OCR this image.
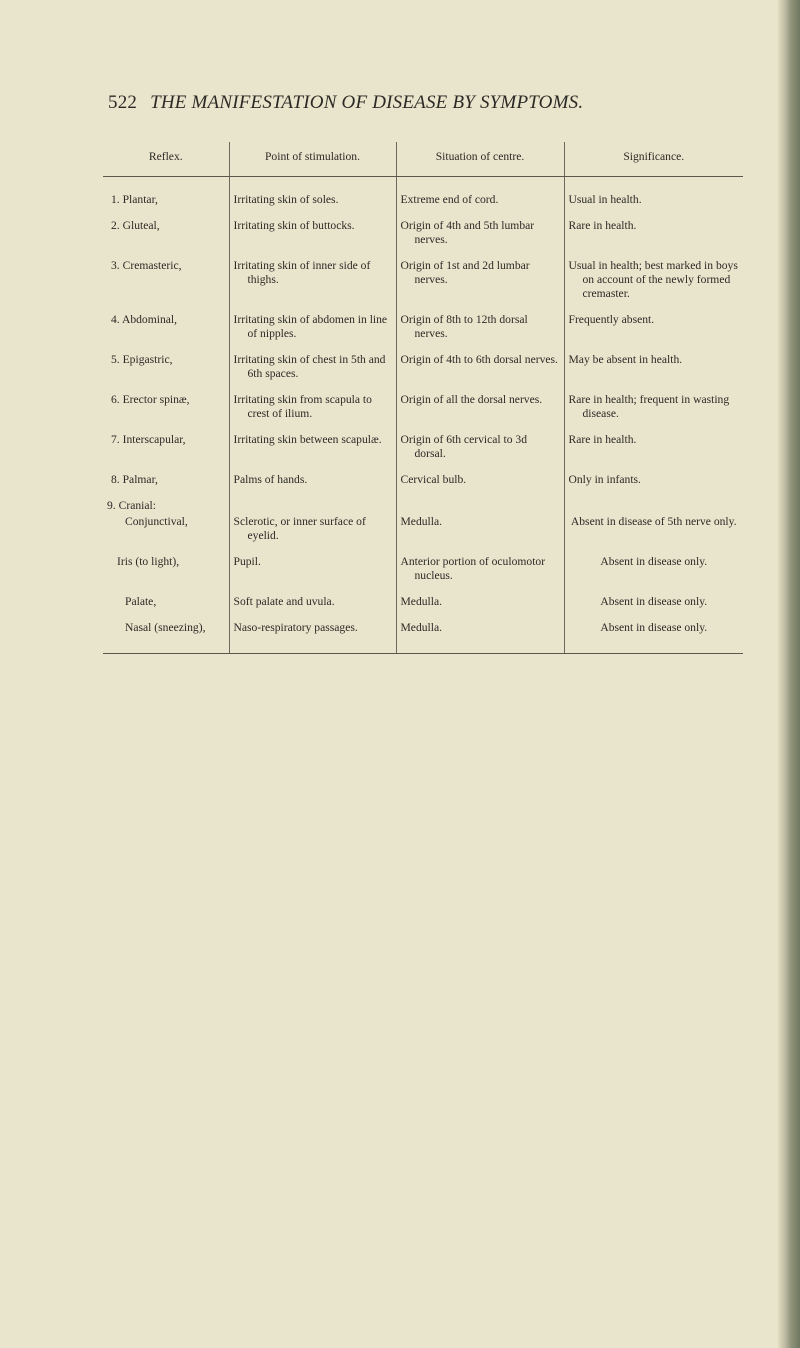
522 THE MANIFESTATION OF DISEASE BY SYMPTOMS.
Reflex.	Point of stimulation.	Situation of centre.	Significance.
1. Plantar,	Irritating skin of soles.	Extreme end of cord.	Usual in health.
2. Gluteal,	Irritating skin of buttocks.	Origin of 4th and 5th lumbar nerves.	Rare in health.
3. Cremasteric,	Irritating skin of inner side of thighs.	Origin of 1st and 2d lumbar nerves.	Usual in health; best marked in boys on account of the newly formed cremaster.
4. Abdominal,	Irritating skin of abdomen in line of nipples.	Origin of 8th to 12th dorsal nerves.	Frequently absent.
5. Epigastric,	Irritating skin of chest in 5th and 6th spaces.	Origin of 4th to 6th dorsal nerves.	May be absent in health.
6. Erector spinæ,	Irritating skin from scapula to crest of ilium.	Origin of all the dorsal nerves.	Rare in health; frequent in wasting disease.
7. Interscapular,	Irritating skin between scapulæ.	Origin of 6th cervical to 3d dorsal.	Rare in health.
8. Palmar,	Palms of hands.	Cervical bulb.	Only in infants.
9. Cranial:			
Conjunctival,	Sclerotic, or inner surface of eyelid.	Medulla.	Absent in disease of 5th nerve only.
Iris (to light),	Pupil.	Anterior portion of oculomotor nucleus.	Absent in disease only.
Palate,	Soft palate and uvula.	Medulla.	Absent in disease only.
Nasal (sneezing),	Naso-respiratory passages.	Medulla.	Absent in disease only.
